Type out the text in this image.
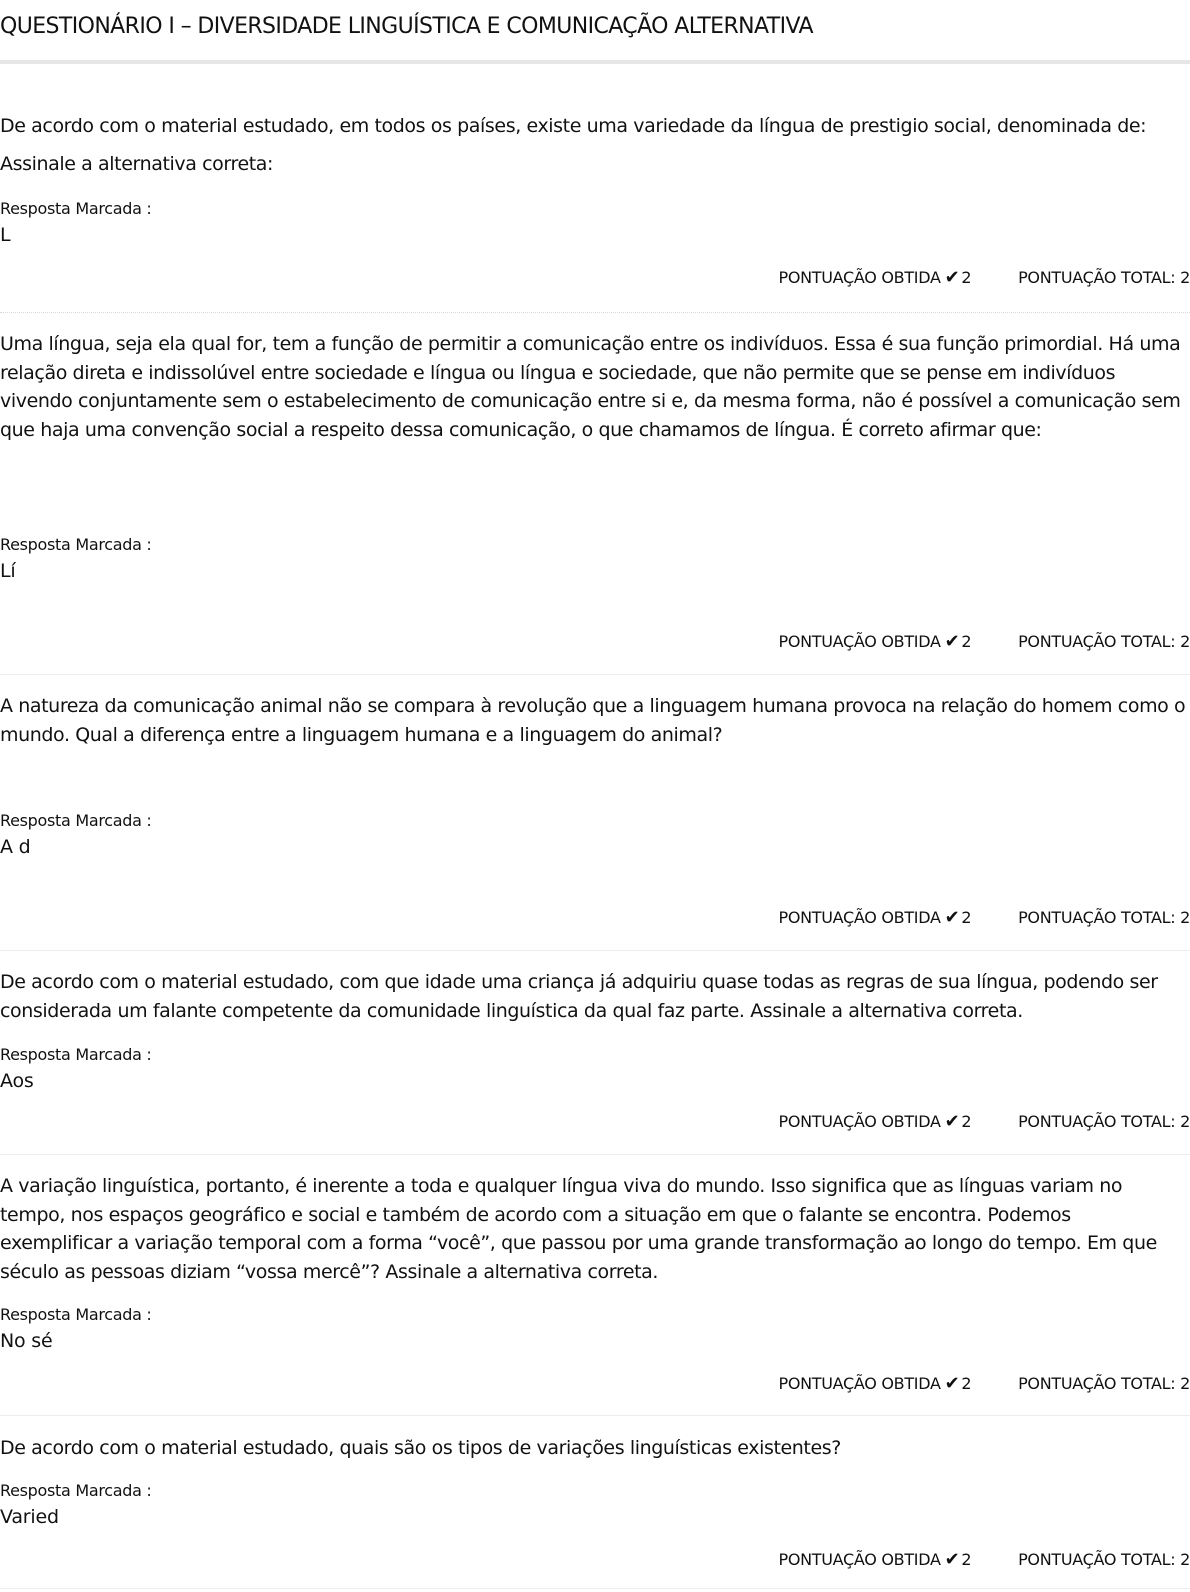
QUESTIONÁRIO I – DIVERSIDADE LINGUÍSTICA E COMUNICAÇÃO ALTERNATIVA

De acordo com o material estudado, em todos os países, existe uma variedade da língua de prestigio social, denominada de:

Assinale a alternativa correta:

Resposta Marcada :
L
PONTUAÇÃO OBTIDA ✔ 2	PONTUAÇÃO TOTAL: 2

Uma língua, seja ela qual for, tem a função de permitir a comunicação entre os indivíduos. Essa é sua função primordial. Há uma relação direta e indissolúvel entre sociedade e língua ou língua e sociedade, que não permite que se pense em indivíduos vivendo conjuntamente sem o estabelecimento de comunicação entre si e, da mesma forma, não é possível a comunicação sem que haja uma convenção social a respeito dessa comunicação, o que chamamos de língua. É correto afirmar que:

Resposta Marcada :
Lí
PONTUAÇÃO OBTIDA ✔ 2	PONTUAÇÃO TOTAL: 2

A natureza da comunicação animal não se compara à revolução que a linguagem humana provoca na relação do homem como o mundo. Qual a diferença entre a linguagem humana e a linguagem do animal?

Resposta Marcada :
A d
PONTUAÇÃO OBTIDA ✔ 2	PONTUAÇÃO TOTAL: 2

De acordo com o material estudado, com que idade uma criança já adquiriu quase todas as regras de sua língua, podendo ser considerada um falante competente da comunidade linguística da qual faz parte. Assinale a alternativa correta.

Resposta Marcada :
Aos
PONTUAÇÃO OBTIDA ✔ 2	PONTUAÇÃO TOTAL: 2

A variação linguística, portanto, é inerente a toda e qualquer língua viva do mundo. Isso significa que as línguas variam no tempo, nos espaços geográfico e social e também de acordo com a situação em que o falante se encontra. Podemos exemplificar a variação temporal com a forma “você”, que passou por uma grande transformação ao longo do tempo. Em que século as pessoas diziam “vossa mercê”? Assinale a alternativa correta.

Resposta Marcada :
No sé
PONTUAÇÃO OBTIDA ✔ 2	PONTUAÇÃO TOTAL: 2

De acordo com o material estudado, quais são os tipos de variações linguísticas existentes?

Resposta Marcada :
Varied
PONTUAÇÃO OBTIDA ✔ 2	PONTUAÇÃO TOTAL: 2
